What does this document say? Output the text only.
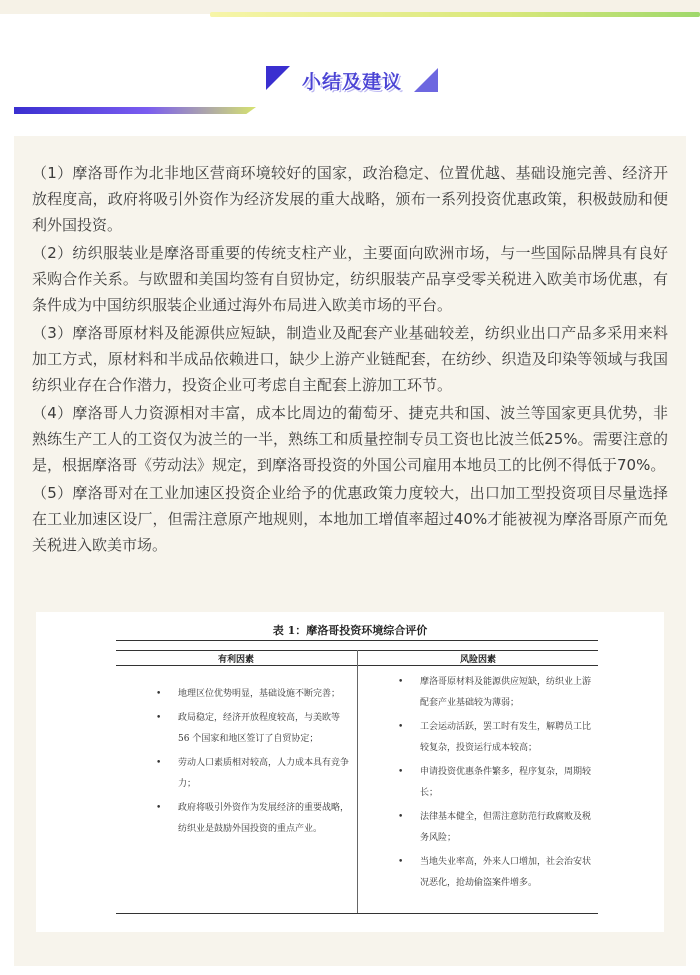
小结及建议

（1）摩洛哥作为北非地区营商环境较好的国家，政治稳定、位置优越、基础设施完善、经济开放程度高，政府将吸引外资作为经济发展的重大战略，颁布一系列投资优惠政策，积极鼓励和便利外国投资。

（2）纺织服装业是摩洛哥重要的传统支柱产业，主要面向欧洲市场，与一些国际品牌具有良好采购合作关系。与欧盟和美国均签有自贸协定，纺织服装产品享受零关税进入欧美市场优惠，有条件成为中国纺织服装企业通过海外布局进入欧美市场的平台。

（3）摩洛哥原材料及能源供应短缺，制造业及配套产业基础较差，纺织业出口产品多采用来料加工方式，原材料和半成品依赖进口，缺少上游产业链配套，在纺纱、织造及印染等领域与我国纺织业存在合作潜力，投资企业可考虑自主配套上游加工环节。

（4）摩洛哥人力资源相对丰富，成本比周边的葡萄牙、捷克共和国、波兰等国家更具优势，非熟练生产工人的工资仅为波兰的一半，熟练工和质量控制专员工资也比波兰低25%。需要注意的是，根据摩洛哥《劳动法》规定，到摩洛哥投资的外国公司雇用本地员工的比例不得低于70%。

（5）摩洛哥对在工业加速区投资企业给予的优惠政策力度较大，出口加工型投资项目尽量选择在工业加速区设厂，但需注意原产地规则，本地加工增值率超过40%才能被视为摩洛哥原产而免关税进入欧美市场。

表 1：摩洛哥投资环境综合评价
有利因素	风险因素
• 地理区位优势明显，基础设施不断完善；
• 政局稳定，经济开放程度较高，与美欧等 56 个国家和地区签订了自贸协定；
• 劳动人口素质相对较高，人力成本具有竞争力；
• 政府将吸引外资作为发展经济的重要战略，纺织业是鼓励外国投资的重点产业。
• 摩洛哥原材料及能源供应短缺，纺织业上游配套产业基础较为薄弱；
• 工会运动活跃，罢工时有发生，解聘员工比较复杂，投资运行成本较高；
• 申请投资优惠条件繁多，程序复杂，周期较长；
• 法律基本健全，但需注意防范行政腐败及税务风险；
• 当地失业率高，外来人口增加，社会治安状况恶化，抢劫偷盗案件增多。
